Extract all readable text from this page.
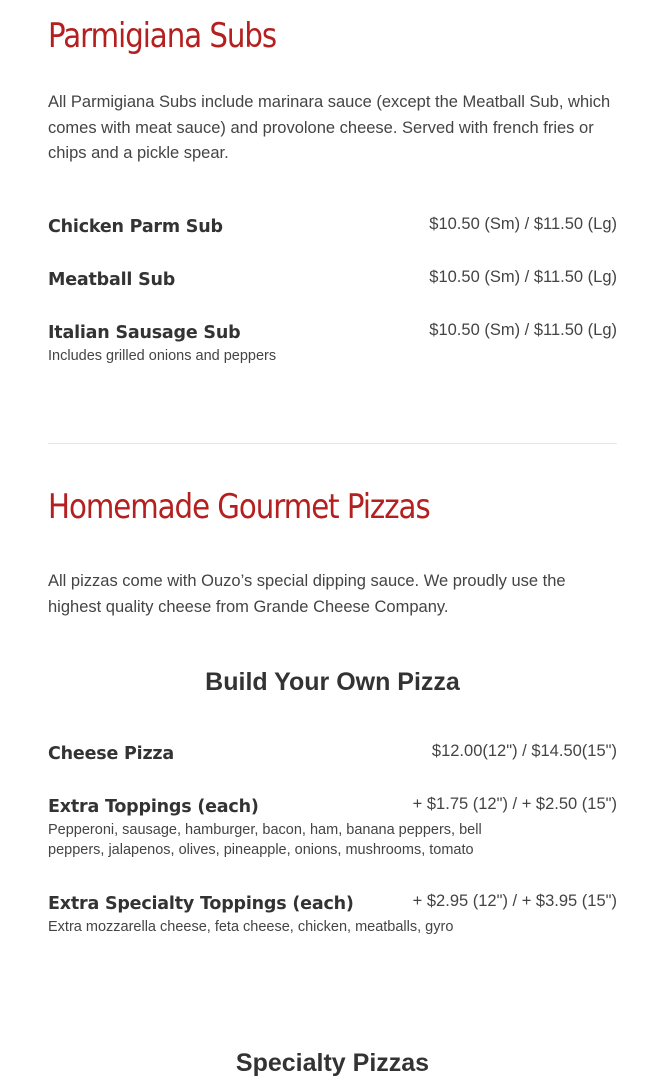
Parmigiana Subs

All Parmigiana Subs include marinara sauce (except the Meatball Sub, which comes with meat sauce) and provolone cheese. Served with french fries or chips and a pickle spear.

Chicken Parm Sub	$10.50 (Sm) / $11.50 (Lg)
Meatball Sub	$10.50 (Sm) / $11.50 (Lg)
Italian Sausage Sub	$10.50 (Sm) / $11.50 (Lg)
Includes grilled onions and peppers
Homemade Gourmet Pizzas

All pizzas come with Ouzo’s special dipping sauce. We proudly use the highest quality cheese from Grande Cheese Company.

Build Your Own Pizza
Cheese Pizza	$12.00(12") / $14.50(15")
Extra Toppings (each)	+ $1.75 (12") / + $2.50 (15")
Pepperoni, sausage, hamburger, bacon, ham, banana peppers, bell peppers, jalapenos, olives, pineapple, onions, mushrooms, tomato
Extra Specialty Toppings (each)	+ $2.95 (12") / + $3.95 (15")
Extra mozzarella cheese, feta cheese, chicken, meatballs, gyro
Specialty Pizzas
